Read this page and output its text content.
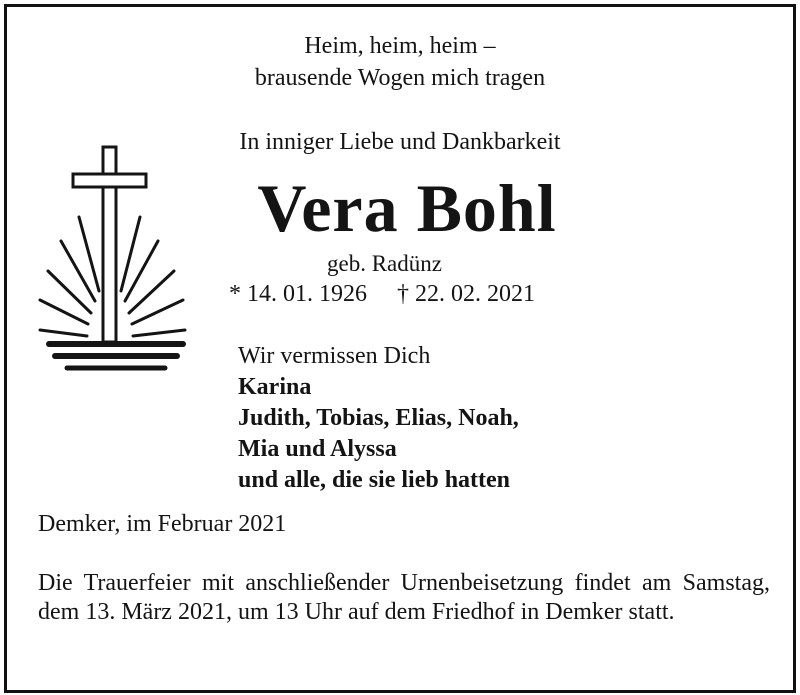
Heim, heim, heim –
brausende Wogen mich tragen
In inniger Liebe und Dankbarkeit
Vera Bohl
geb. Radünz
* 14. 01. 1926 † 22. 02. 2021
Wir vermissen Dich
Karina
Judith, Tobias, Elias, Noah,
Mia und Alyssa
und alle, die sie lieb hatten
Demker, im Februar 2021
Die Trauerfeier mit anschließender Urnenbeisetzung findet am Samstag, dem 13. März 2021, um 13 Uhr auf dem Friedhof in Demker statt.
